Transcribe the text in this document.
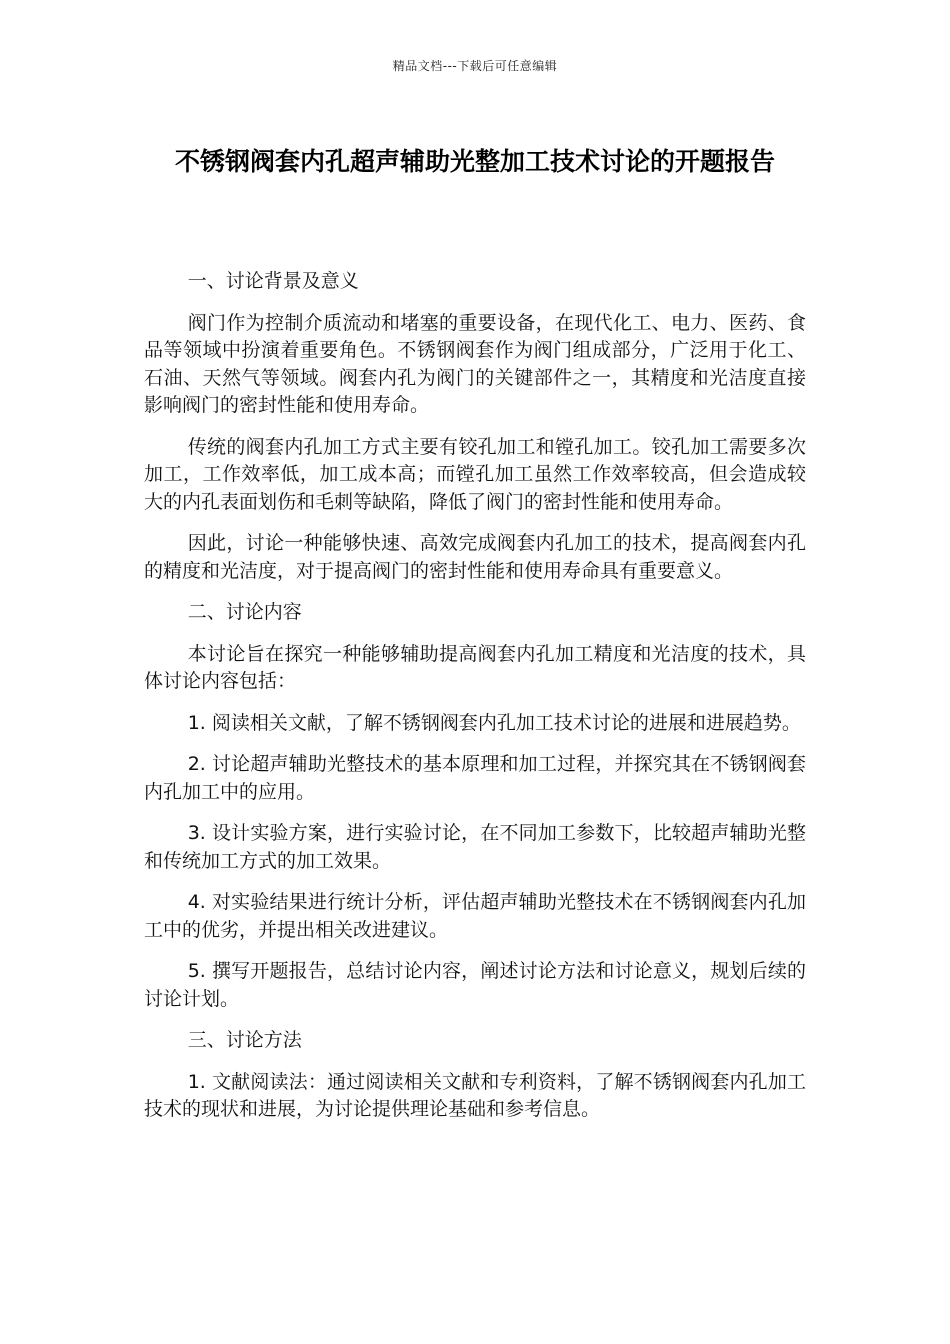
精品文档---下载后可任意编辑
不锈钢阀套内孔超声辅助光整加工技术讨论的开题报告

一、讨论背景及意义

阀门作为控制介质流动和堵塞的重要设备，在现代化工、电力、医药、食品等领域中扮演着重要角色。不锈钢阀套作为阀门组成部分，广泛用于化工、石油、天然气等领域。阀套内孔为阀门的关键部件之一，其精度和光洁度直接影响阀门的密封性能和使用寿命。

传统的阀套内孔加工方式主要有铰孔加工和镗孔加工。铰孔加工需要多次加工，工作效率低，加工成本高；而镗孔加工虽然工作效率较高，但会造成较大的内孔表面划伤和毛刺等缺陷，降低了阀门的密封性能和使用寿命。

因此，讨论一种能够快速、高效完成阀套内孔加工的技术，提高阀套内孔的精度和光洁度，对于提高阀门的密封性能和使用寿命具有重要意义。

二、讨论内容

本讨论旨在探究一种能够辅助提高阀套内孔加工精度和光洁度的技术，具体讨论内容包括：

1. 阅读相关文献，了解不锈钢阀套内孔加工技术讨论的进展和进展趋势。

2. 讨论超声辅助光整技术的基本原理和加工过程，并探究其在不锈钢阀套内孔加工中的应用。

3. 设计实验方案，进行实验讨论，在不同加工参数下，比较超声辅助光整和传统加工方式的加工效果。

4. 对实验结果进行统计分析，评估超声辅助光整技术在不锈钢阀套内孔加工中的优劣，并提出相关改进建议。

5. 撰写开题报告，总结讨论内容，阐述讨论方法和讨论意义，规划后续的讨论计划。

三、讨论方法

1. 文献阅读法：通过阅读相关文献和专利资料，了解不锈钢阀套内孔加工技术的现状和进展，为讨论提供理论基础和参考信息。
